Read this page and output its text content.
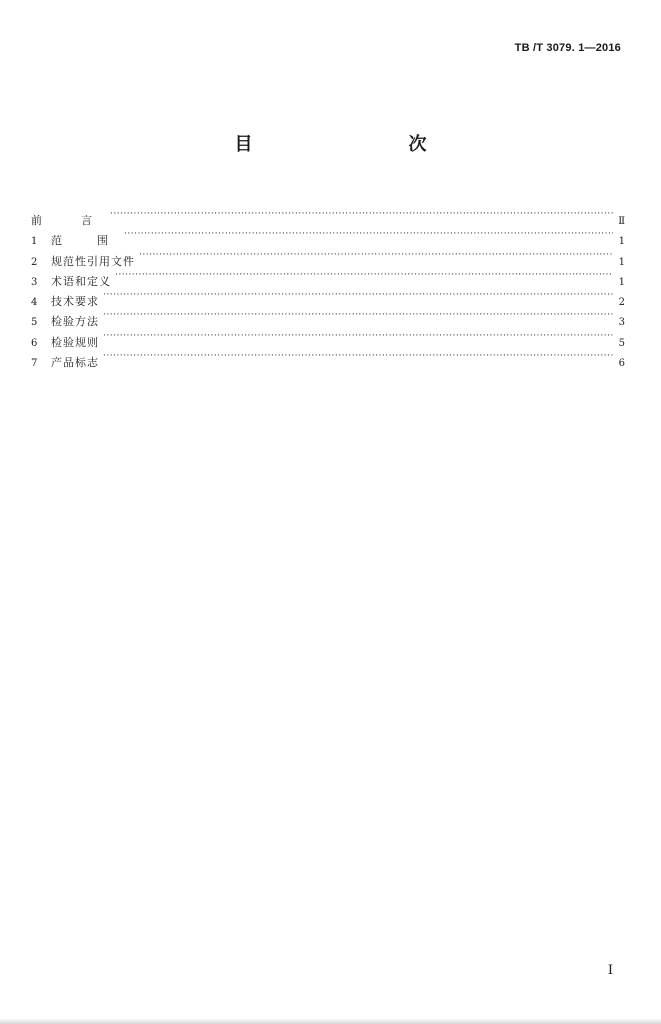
TB /T 3079. 1—2016
目　　次
前　言 ·····	Ⅱ
1	范　围 ·····	1
2	规范性引用文件 ·····	1
3	术语和定义 ·····	1
4	技术要求 ·····	2
5	检验方法 ·····	3
6	检验规则 ·····	5
7	产品标志 ·····	6
Ⅰ
